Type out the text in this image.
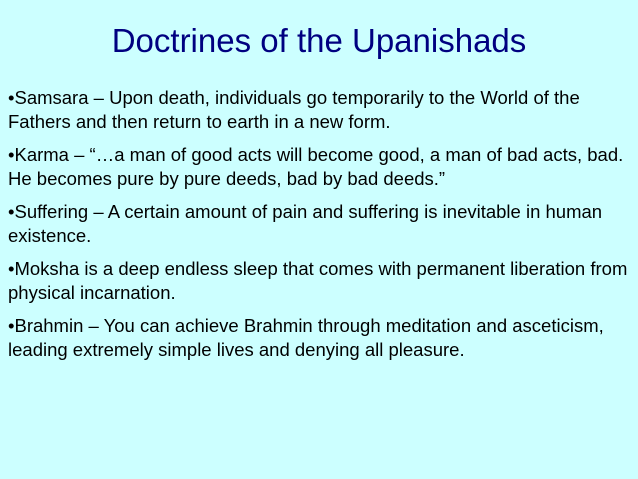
Doctrines of the Upanishads
•Samsara – Upon death, individuals go temporarily to the World of the Fathers and then return to earth in a new form.
•Karma – “…a man of good acts will become good, a man of bad acts, bad. He becomes pure by pure deeds, bad by bad deeds.”
•Suffering – A certain amount of pain and suffering is inevitable in human existence.
•Moksha is a deep endless sleep that comes with permanent liberation from physical incarnation.
•Brahmin – You can achieve Brahmin through meditation and asceticism, leading extremely simple lives and denying all pleasure.
